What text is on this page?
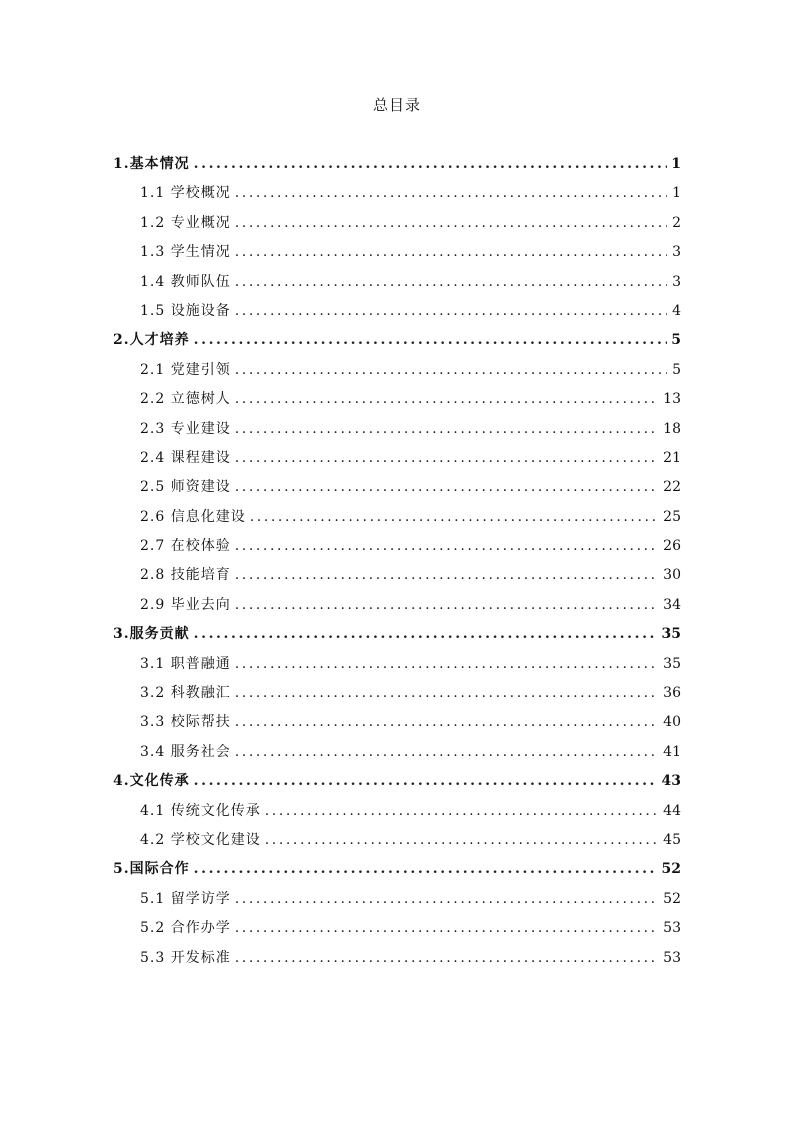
总目录
1.基本情况 .....	1
1.1 学校概况 .....	1
1.2 专业概况 .....	2
1.3 学生情况 .....	3
1.4 教师队伍 .....	3
1.5 设施设备 .....	4
2.人才培养 .....	5
2.1 党建引领 .....	5
2.2 立德树人 .....	13
2.3 专业建设 .....	18
2.4 课程建设 .....	21
2.5 师资建设 .....	22
2.6 信息化建设 .....	25
2.7 在校体验 .....	26
2.8 技能培育 .....	30
2.9 毕业去向 .....	34
3.服务贡献 .....	35
3.1 职普融通 .....	35
3.2 科教融汇 .....	36
3.3 校际帮扶 .....	40
3.4 服务社会 .....	41
4.文化传承 .....	43
4.1 传统文化传承 .....	44
4.2 学校文化建设 .....	45
5.国际合作 .....	52
5.1 留学访学 .....	52
5.2 合作办学 .....	53
5.3 开发标准 .....	53
